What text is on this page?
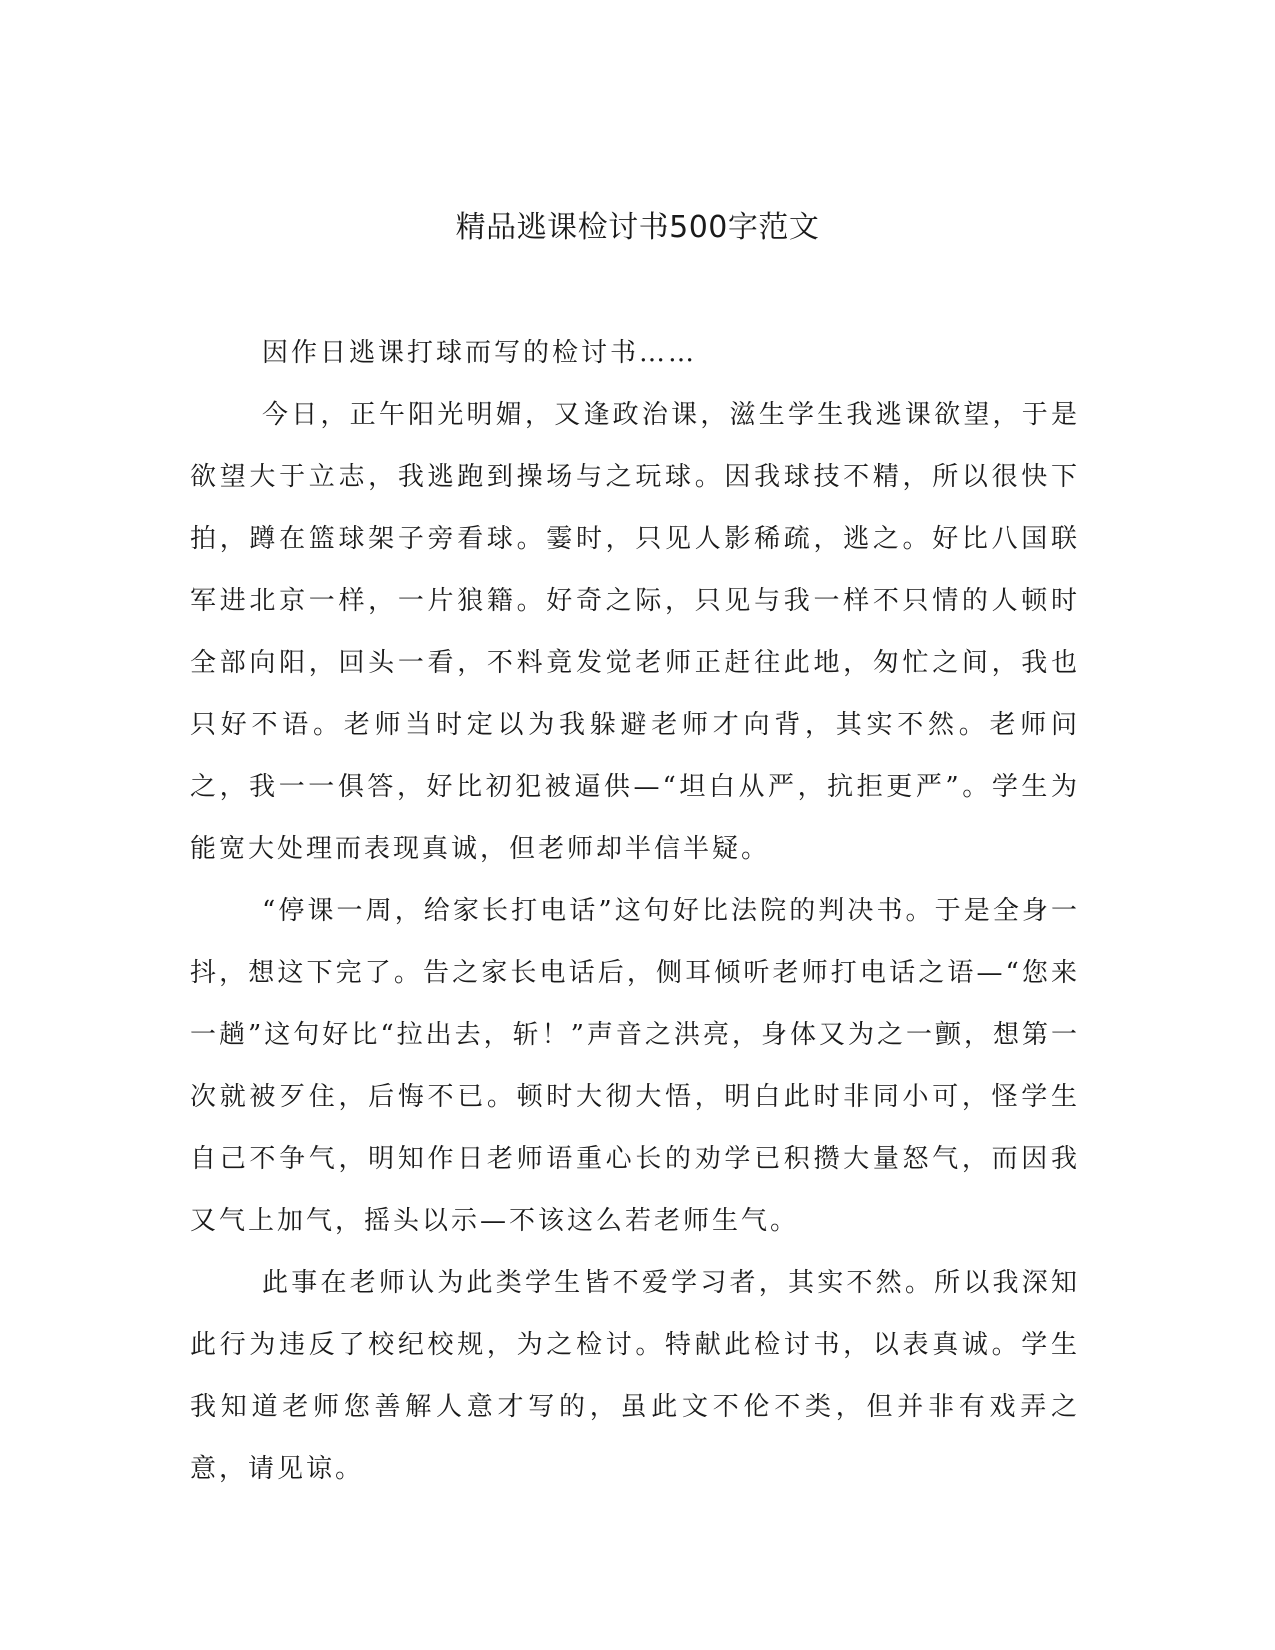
精品逃课检讨书500字范文

因作日逃课打球而写的检讨书……

今日，正午阳光明媚，又逢政治课，滋生学生我逃课欲望，于是欲望大于立志，我逃跑到操场与之玩球。因我球技不精，所以很快下拍，蹲在篮球架子旁看球。霎时，只见人影稀疏，逃之。好比八国联军进北京一样，一片狼籍。好奇之际，只见与我一样不只情的人顿时全部向阳，回头一看，不料竟发觉老师正赶往此地，匆忙之间，我也只好不语。老师当时定以为我躲避老师才向背，其实不然。老师问之，我一一俱答，好比初犯被逼供—“坦白从严，抗拒更严”。学生为能宽大处理而表现真诚，但老师却半信半疑。

“停课一周，给家长打电话”这句好比法院的判决书。于是全身一抖，想这下完了。告之家长电话后，侧耳倾听老师打电话之语—“您来一趟”这句好比“拉出去，斩！”声音之洪亮，身体又为之一颤，想第一次就被歹住，后悔不已。顿时大彻大悟，明白此时非同小可，怪学生自己不争气，明知作日老师语重心长的劝学已积攒大量怒气，而因我又气上加气，摇头以示—不该这么若老师生气。

此事在老师认为此类学生皆不爱学习者，其实不然。所以我深知此行为违反了校纪校规，为之检讨。特献此检讨书，以表真诚。学生我知道老师您善解人意才写的，虽此文不伦不类，但并非有戏弄之意，请见谅。
